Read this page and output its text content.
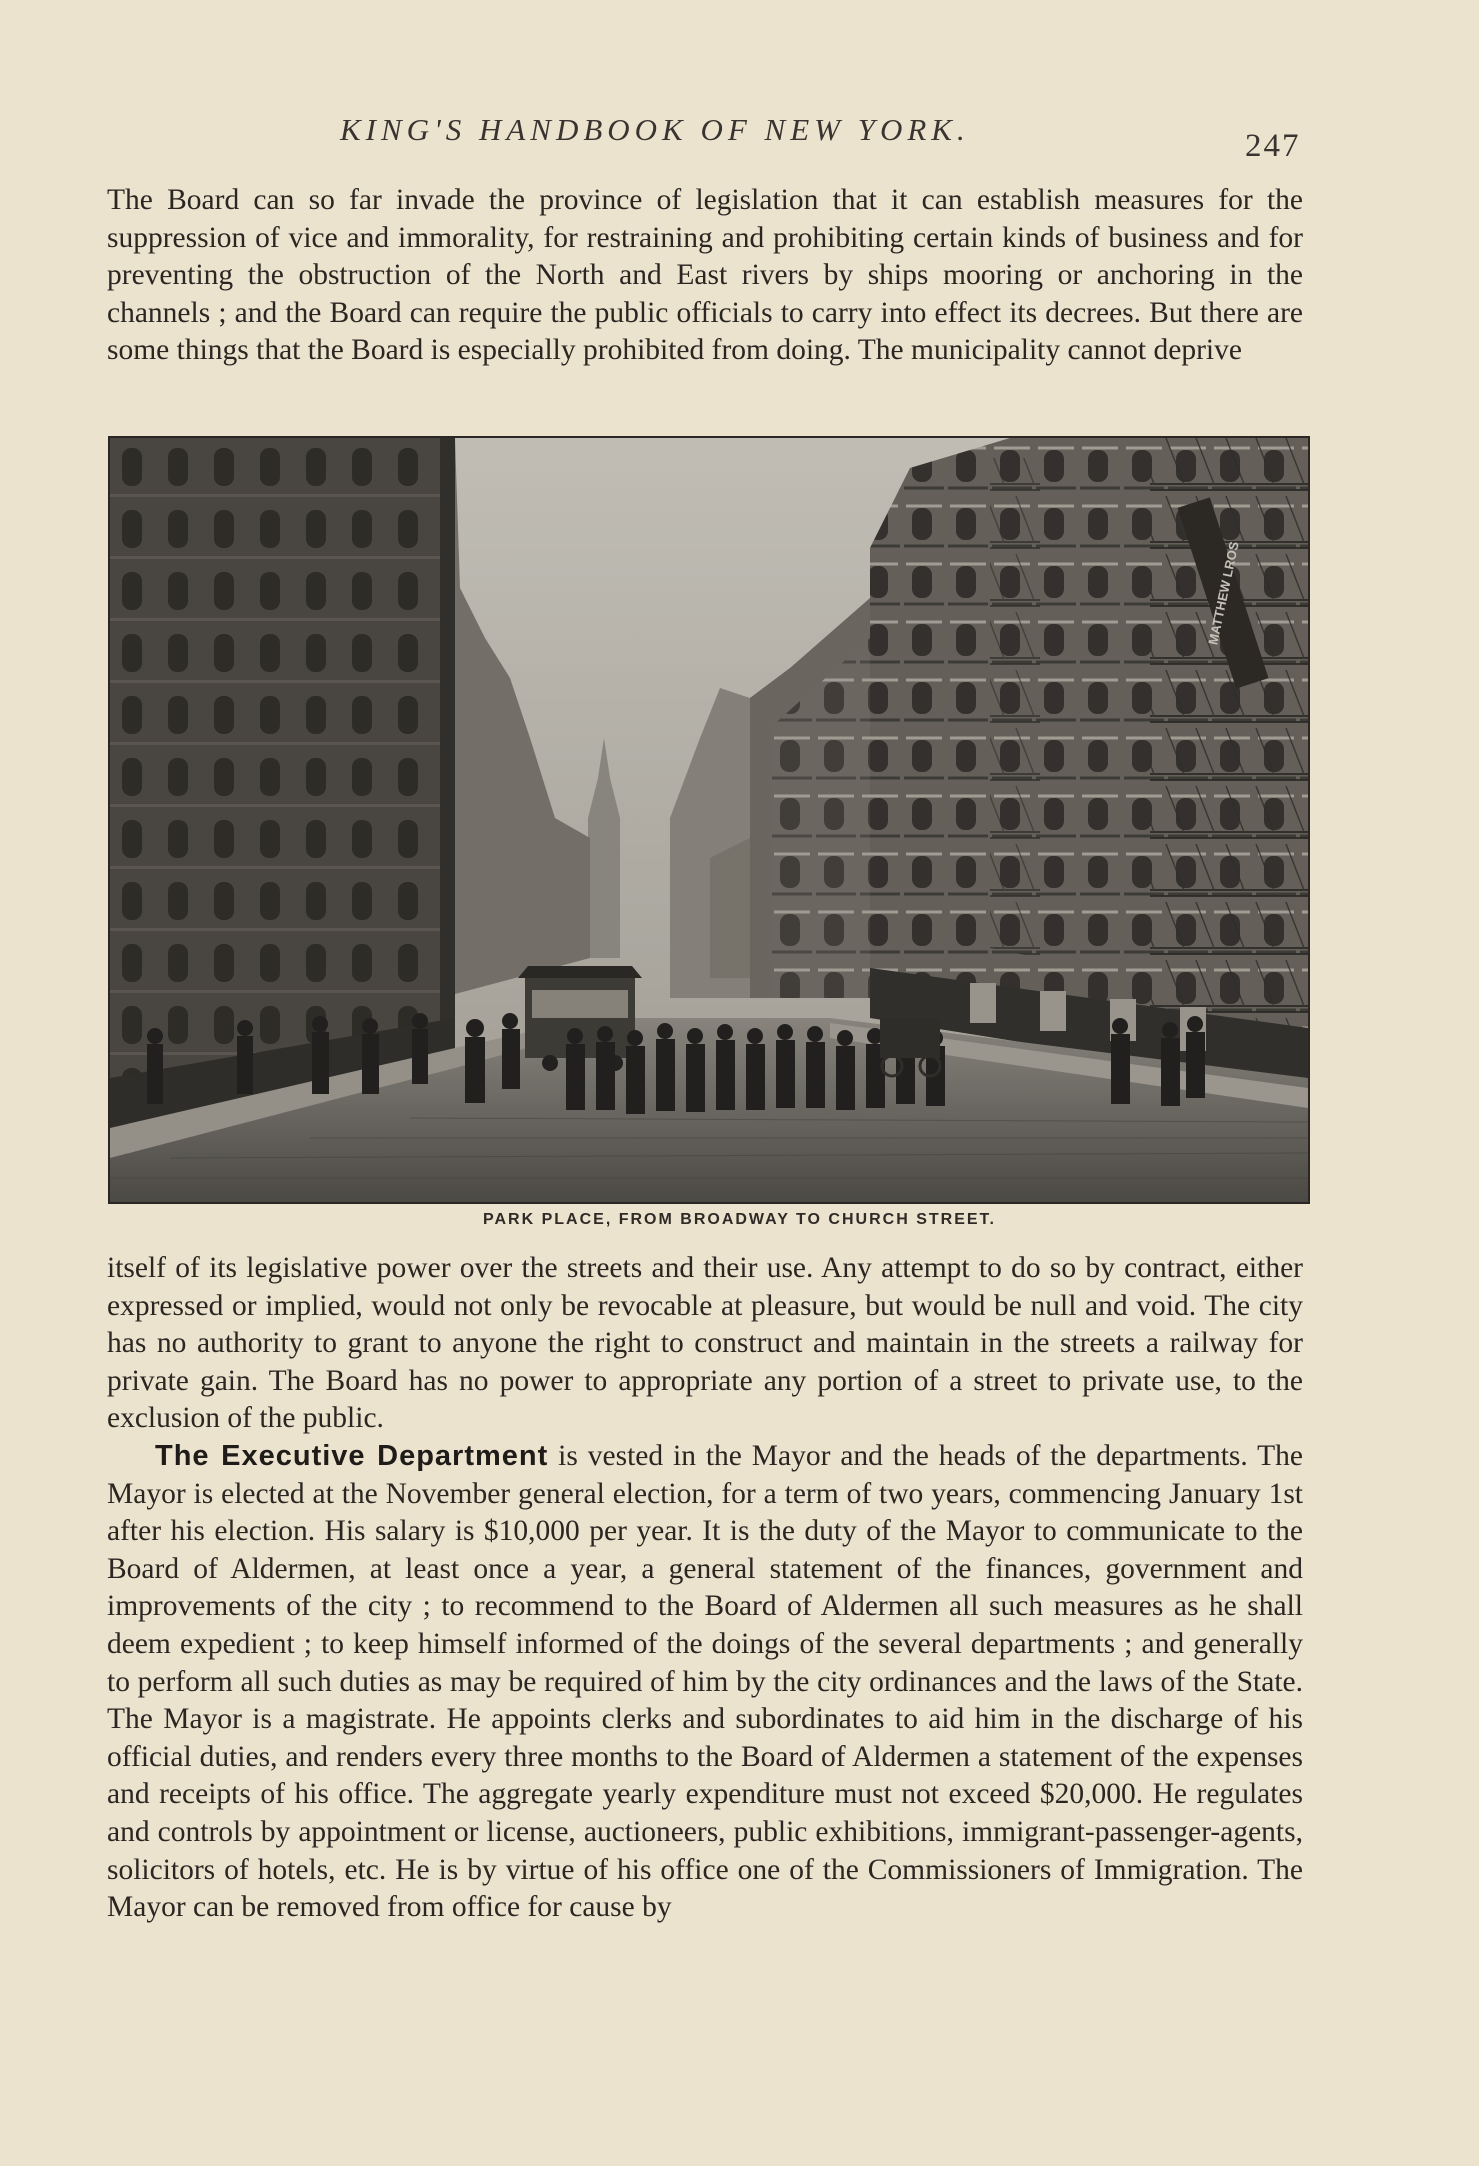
KING'S HANDBOOK OF NEW YORK.	247

The Board can so far invade the province of legislation that it can establish measures for the suppression of vice and immorality, for restraining and prohibiting certain kinds of business and for preventing the obstruction of the North and East rivers by ships mooring or anchoring in the channels ; and the Board can require the public officials to carry into effect its decrees. But there are some things that the Board is especially prohibited from doing. The municipality cannot deprive

MATTHEW LROS
PARK PLACE, FROM BROADWAY TO CHURCH STREET.

itself of its legislative power over the streets and their use. Any attempt to do so by contract, either expressed or implied, would not only be revocable at pleasure, but would be null and void. The city has no authority to grant to anyone the right to construct and maintain in the streets a railway for private gain. The Board has no power to appropriate any portion of a street to private use, to the exclusion of the public.

The Executive Department is vested in the Mayor and the heads of the departments. The Mayor is elected at the November general election, for a term of two years, commencing January 1st after his election. His salary is $10,000 per year. It is the duty of the Mayor to communicate to the Board of Aldermen, at least once a year, a general statement of the finances, government and improvements of the city ; to recommend to the Board of Aldermen all such measures as he shall deem expedient ; to keep himself informed of the doings of the several departments ; and generally to perform all such duties as may be required of him by the city ordinances and the laws of the State. The Mayor is a magistrate. He appoints clerks and subordinates to aid him in the discharge of his official duties, and renders every three months to the Board of Aldermen a statement of the expenses and receipts of his office. The aggregate yearly expenditure must not exceed $20,000. He regulates and controls by appointment or license, auctioneers, public exhibitions, immigrant-passenger-agents, solicitors of hotels, etc. He is by virtue of his office one of the Commissioners of Immigration. The Mayor can be removed from office for cause by
